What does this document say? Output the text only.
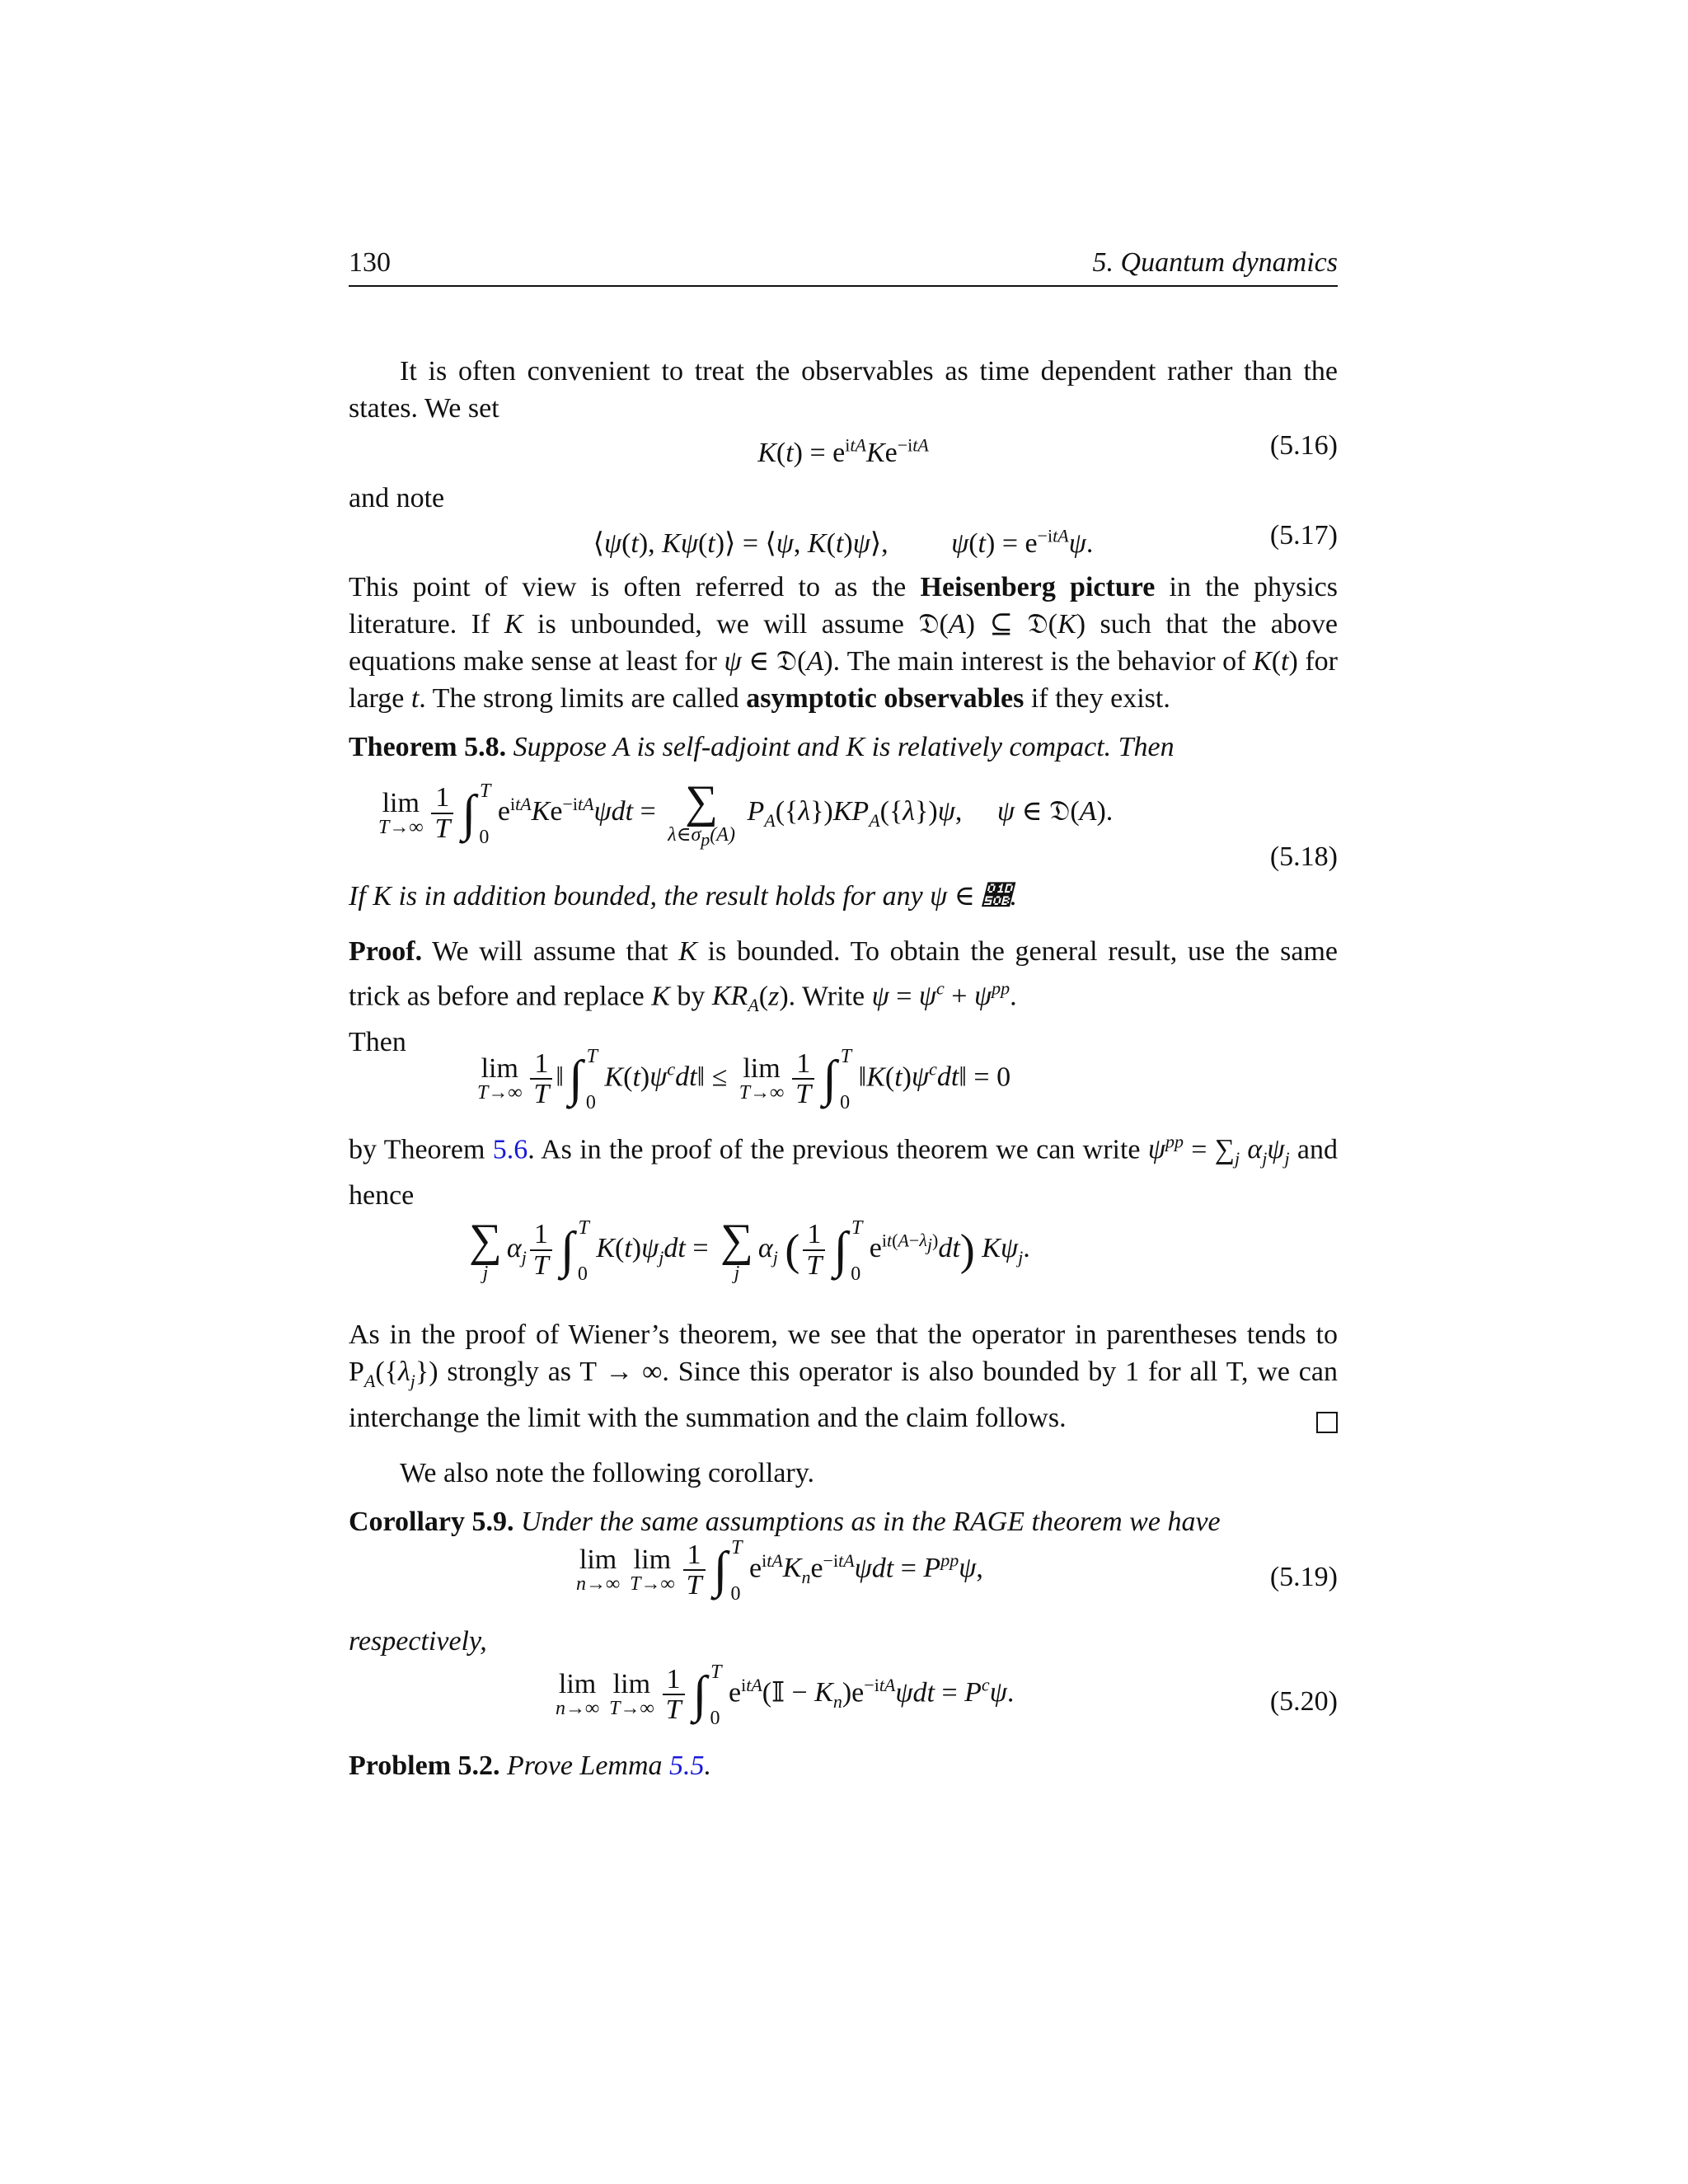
130	5. Quantum dynamics

It is often convenient to treat the observables as time dependent rather than the states. We set

$K(t) = e^{itA}Ke^{-itA}$	(5.16)

and note

⟨ψ(t), Kψ(t)⟩ = ⟨ψ, K(t)ψ⟩,         $\psi(t) = e^{-itA}\psi$.	(5.17)

This point of view is often referred to as the Heisenberg picture in the physics literature. If K is unbounded, we will assume 𝔇(A) ⊆ 𝔇(K) such that the above equations make sense at least for ψ ∈ 𝔇(A). The main interest is the behavior of K(t) for large t. The strong limits are called asymptotic observables if they exist.

Theorem 5.8. Suppose A is self-adjoint and K is relatively compact. Then

lim
$T\to\infty \frac{1}{T}$ ∫ T
0
$e^{itA}Ke^{-itA}\psi dt$ = ∑
$\lambda\in\sigma_p(A)$
$P_A(\{\lambda\})KP_A(\{\lambda\})\psi$,     ψ ∈ 𝔇(A).
(5.18)

If K is in addition bounded, the result holds for any ψ ∈ 𝔋.

Proof. We will assume that K is bounded. To obtain the general result, use the same trick as before and replace K by $KR_A(z)$. Write $\psi = \psi^c + \psi^{pp}$.
Then

lim
$T\to\infty \frac{1}{T}$ ‖∫ T
0
$K(t)\psi^cdt‖ \le \lim$
$T\to\infty \frac{1}{T}$ ∫ T
0
$‖K(t)\psi^cdt‖ = 0$

by Theorem 5.6. As in the proof of the previous theorem we can write $\psi^{pp} = \sum_j$ $\alpha_j\psi_j$ and hence

∑
j
$\alpha_j \frac{1}{T}$ ∫ T
0
$K(t)\psi_jdt$ = ∑
j
$\alpha_j$ ( $\frac{1}{T}$ ∫ T
0
$e^{it(A-\lambda_j)}dt$) $K\psi_j$.

As in the proof of Wiener’s theorem, we see that the operator in parentheses tends to $P_A(\{\lambda_j\})$ strongly as T → ∞. Since this operator is also bounded by 1 for all T, we can interchange the limit with the summation and the claim follows.

We also note the following corollary.

Corollary 5.9. Under the same assumptions as in the RAGE theorem we have

lim
n→∞
lim
$T\to\infty \frac{1}{T}$ ∫ T
0
$e^{itA}K_ne^{-itA}\psi dt = P^{pp}\psi$,	(5.19)

respectively,

lim
n→∞
lim
$T\to\infty \frac{1}{T}$ ∫ T
0
$e^{itA}(𝕀 - K_n)e^{-itA}\psi dt = P^c\psi$.	(5.20)

Problem 5.2. Prove Lemma 5.5.
